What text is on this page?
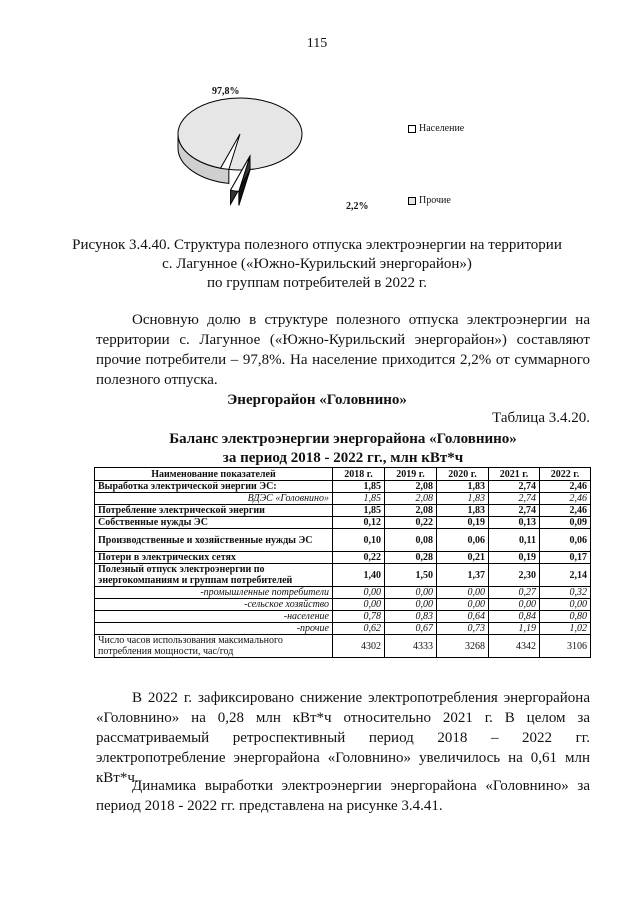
115
97,8%
2,2%
Население
Прочие
Рисунок 3.4.40. Структура полезного отпуска электроэнергии на территории
с. Лагунное («Южно-Курильский энергорайон»)
по группам потребителей в 2022 г.
Основную долю в структуре полезного отпуска электроэнергии на территории с. Лагунное («Южно-Курильский энергорайон») составляют прочие потребители – 97,8%. На население приходится 2,2% от суммарного полезного отпуска.
Энергорайон «Головнино»
Таблица 3.4.20.
Баланс электроэнергии энергорайона «Головнино»
за период 2018 - 2022 гг., млн кВт*ч
Наименование показателей	2018 г.	2019 г.	2020 г.	2021 г.	2022 г.
Выработка электрической энергии ЭС:	1,85	2,08	1,83	2,74	2,46
ВДЭС «Головнино»	1,85	2,08	1,83	2,74	2,46
Потребление электрической энергии	1,85	2,08	1,83	2,74	2,46
Собственные нужды ЭС	0,12	0,22	0,19	0,13	0,09
Производственные и хозяйственные нужды ЭС	0,10	0,08	0,06	0,11	0,06
Потери в электрических сетях	0,22	0,28	0,21	0,19	0,17
Полезный отпуск электроэнергии по энергокомпаниям и группам потребителей	1,40	1,50	1,37	2,30	2,14
-промышленные потребители	0,00	0,00	0,00	0,27	0,32
-сельское хозяйство	0,00	0,00	0,00	0,00	0,00
-население	0,78	0,83	0,64	0,84	0,80
-прочие	0,62	0,67	0,73	1,19	1,02
Число часов использования максимального потребления мощности, час/год	4302	4333	3268	4342	3106
В 2022 г. зафиксировано снижение электропотребления энергорайона «Головнино» на 0,28 млн кВт*ч относительно 2021 г. В целом за рассматриваемый ретроспективный период 2018 – 2022 гг. электропотребление энергорайона «Головнино» увеличилось на 0,61 млн кВт*ч.
Динамика выработки электроэнергии энергорайона «Головнино» за период 2018 - 2022 гг. представлена на рисунке 3.4.41.
